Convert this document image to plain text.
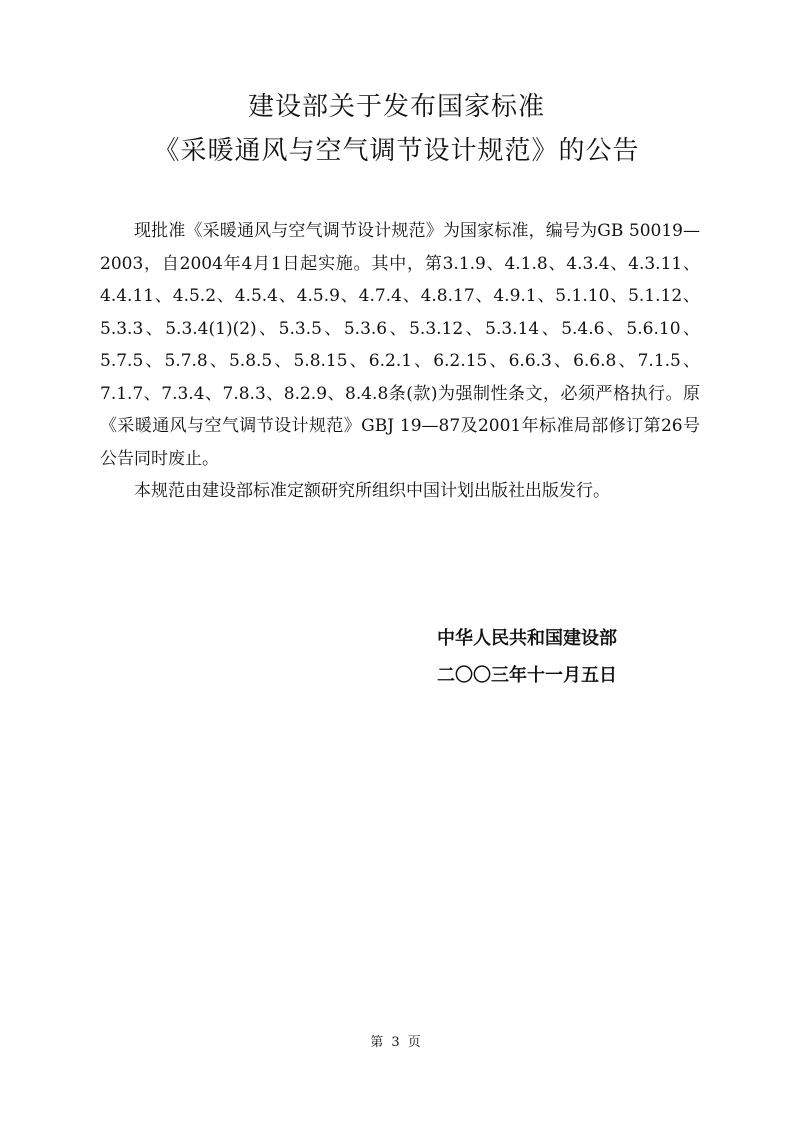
建设部关于发布国家标准
《采暖通风与空气调节设计规范》的公告

现批准《采暖通风与空气调节设计规范》为国家标准，编号为GB 50019—2003，自2004年4月1日起实施。其中，第3.1.9、4.1.8、4.3.4、4.3.11、4.4.11、4.5.2、4.5.4、4.5.9、4.7.4、4.8.17、4.9.1、5.1.10、5.1.12、5.3.3、5.3.4(1)(2)、5.3.5、5.3.6、5.3.12、5.3.14、5.4.6、5.6.10、5.7.5、5.7.8、5.8.5、5.8.15、6.2.1、6.2.15、6.6.3、6.6.8、7.1.5、7.1.7、7.3.4、7.8.3、8.2.9、8.4.8条(款)为强制性条文，必须严格执行。原《采暖通风与空气调节设计规范》GBJ 19—87及2001年标准局部修订第26号公告同时废止。

本规范由建设部标准定额研究所组织中国计划出版社出版发行。

中华人民共和国建设部
二〇〇三年十一月五日
第 3 页
